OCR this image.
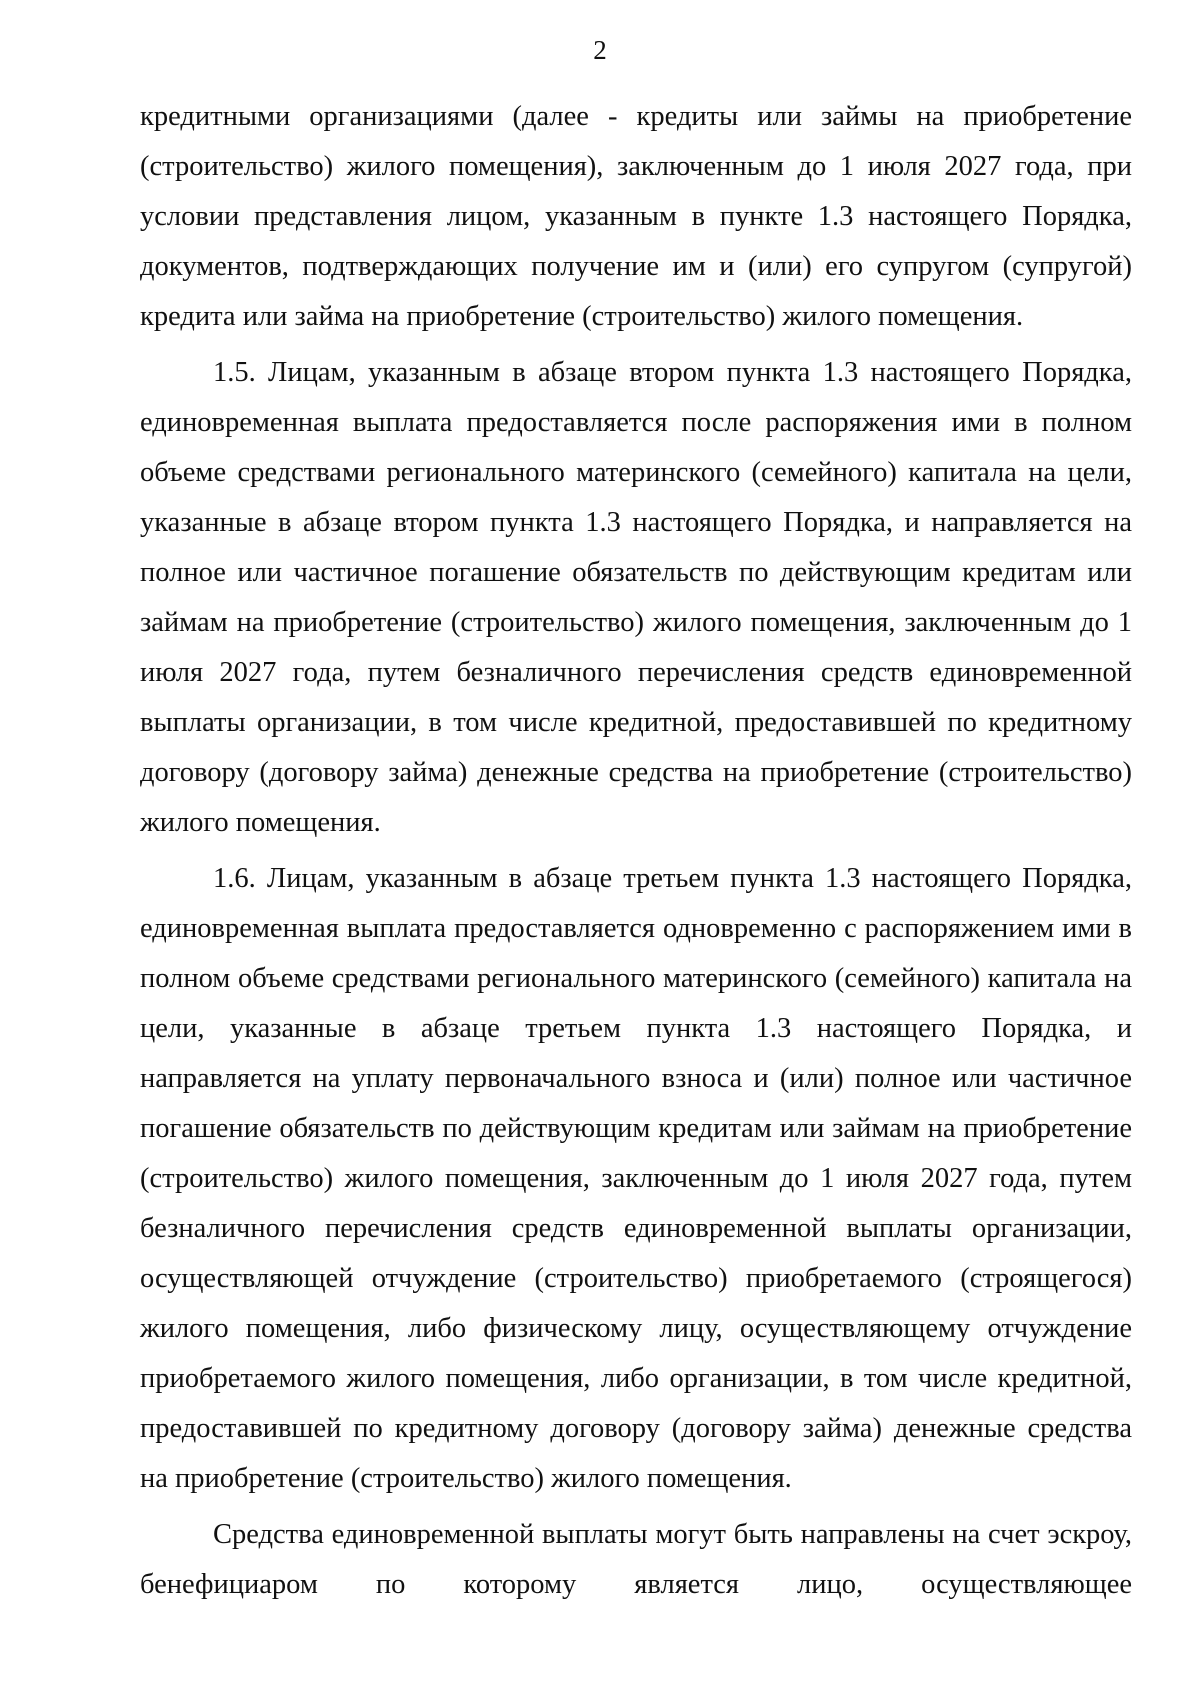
2

кредитными организациями (далее - кредиты или займы на приобретение (строительство) жилого помещения), заключенным до 1 июля 2027 года, при условии представления лицом, указанным в пункте 1.3 настоящего Порядка, документов, подтверждающих получение им и (или) его супругом (супругой) кредита или займа на приобретение (строительство) жилого помещения.

1.5. Лицам, указанным в абзаце втором пункта 1.3 настоящего Порядка, единовременная выплата предоставляется после распоряжения ими в полном объеме средствами регионального материнского (семейного) капитала на цели, указанные в абзаце втором пункта 1.3 настоящего Порядка, и направляется на полное или частичное погашение обязательств по действующим кредитам или займам на приобретение (строительство) жилого помещения, заключенным до 1 июля 2027 года, путем безналичного перечисления средств единовременной выплаты организации, в том числе кредитной, предоставившей по кредитному договору (договору займа) денежные средства на приобретение (строительство) жилого помещения.

1.6. Лицам, указанным в абзаце третьем пункта 1.3 настоящего Порядка, единовременная выплата предоставляется одновременно с распоряжением ими в полном объеме средствами регионального материнского (семейного) капитала на цели, указанные в абзаце третьем пункта 1.3 настоящего Порядка, и направляется на уплату первоначального взноса и (или) полное или частичное погашение обязательств по действующим кредитам или займам на приобретение (строительство) жилого помещения, заключенным до 1 июля 2027 года, путем безналичного перечисления средств единовременной выплаты организации, осуществляющей отчуждение (строительство) приобретаемого (строящегося) жилого помещения, либо физическому лицу, осуществляющему отчуждение приобретаемого жилого помещения, либо организации, в том числе кредитной, предоставившей по кредитному договору (договору займа) денежные средства на приобретение (строительство) жилого помещения.

Средства единовременной выплаты могут быть направлены на счет эскроу, бенефициаром по которому является лицо, осуществляющее
